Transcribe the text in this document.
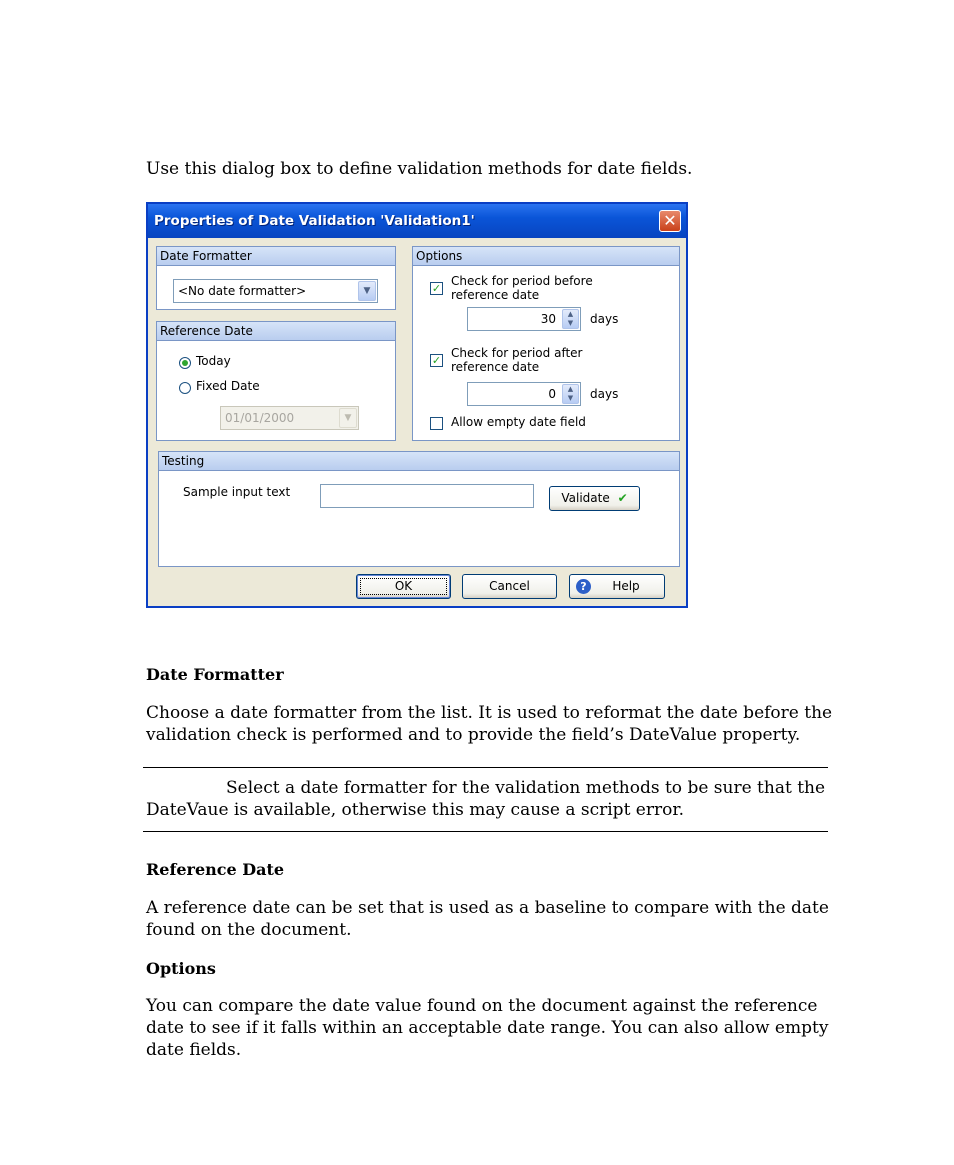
Use this dialog box to define validation methods for date fields.
Properties of Date Validation 'Validation1'	✕
Date Formatter
<No date formatter>	▼
Reference Date
Today
Fixed Date
01/01/2000	▼
Options
✓
Check for period before
reference date
30	▲
▼	days
✓
Check for period after
reference date
0	▲
▼	days
Allow empty date field
Testing
Sample input text	Validate ✔
OK	Cancel	?	Help
Date Formatter
Choose a date formatter from the list. It is used to reformat the date before the validation check is performed and to provide the field’s DateValue property.
Select a date formatter for the validation methods to be sure that the
DateVaue is available, otherwise this may cause a script error.
Reference Date
A reference date can be set that is used as a baseline to compare with the date found on the document.
Options
You can compare the date value found on the document against the reference date to see if it falls within an acceptable date range. You can also allow empty date fields.
